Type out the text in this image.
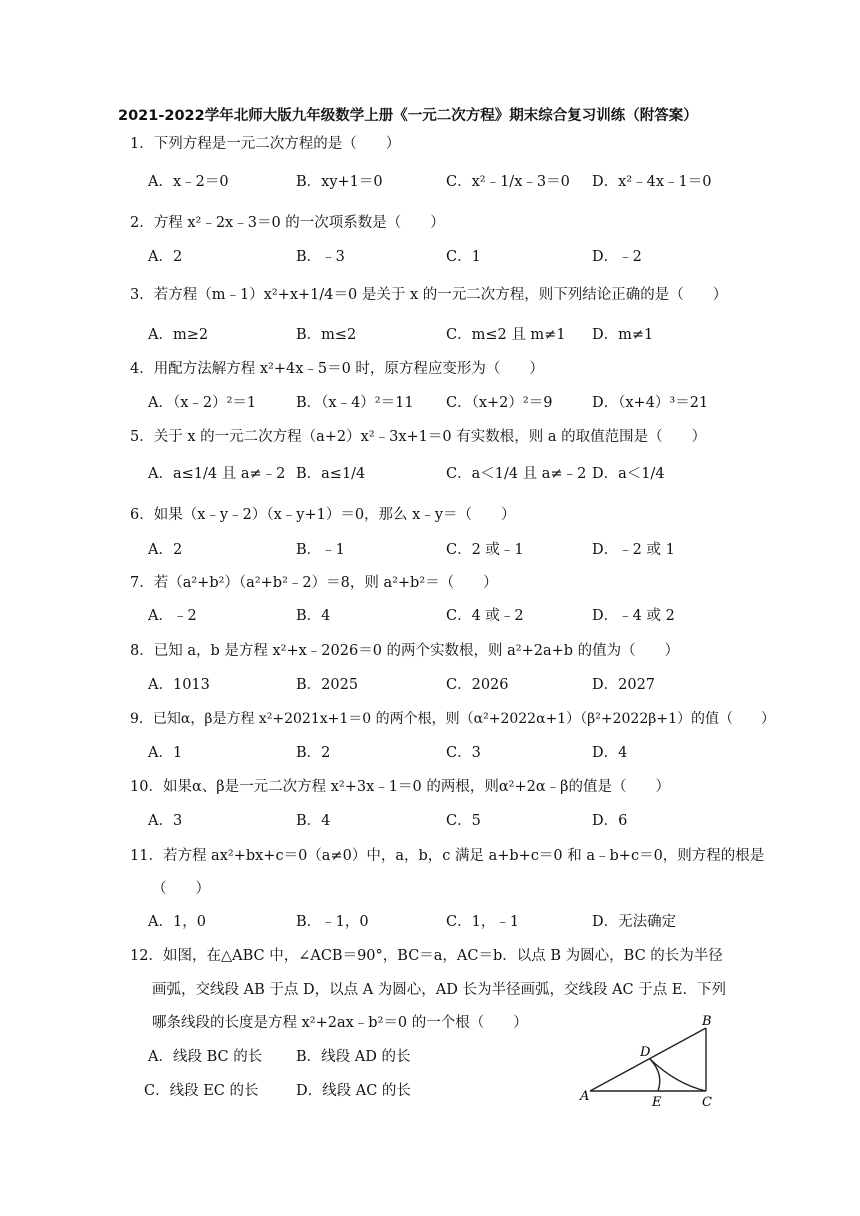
2021-2022学年北师大版九年级数学上册《一元二次方程》期末综合复习训练（附答案）
1．下列方程是一元二次方程的是（　　）
A．x﹣2＝0	B．xy+1＝0	C．x²﹣1/x﹣3＝0 D．x²﹣4x﹣1＝0
2．方程 x²﹣2x﹣3＝0 的一次项系数是（　　）
A．2	B．﹣3	C．1	D．﹣2
3．若方程（m﹣1）x²+x+1/4＝0 是关于 x 的一元二次方程，则下列结论正确的是（　　）
A．m≥2	B．m≤2	C．m≤2 且 m≠1 D．m≠1
4．用配方法解方程 x²+4x﹣5＝0 时，原方程应变形为（　　）
A．（x﹣2）²＝1	B．（x﹣4）²＝11 C．（x+2）²＝9	D．（x+4）³＝21
5．关于 x 的一元二次方程（a+2）x²﹣3x+1＝0 有实数根，则 a 的取值范围是（　　）
A．a≤1/4 且 a≠﹣2 B．a≤1/4	C．a＜1/4 且 a≠﹣2 D．a＜1/4
6．如果（x﹣y﹣2）（x﹣y+1）＝0，那么 x﹣y＝（　　）
A．2	B．﹣1	C．2 或﹣1	D．﹣2 或 1
7．若（a²+b²）（a²+b²﹣2）＝8，则 a²+b²＝（　　）
A．﹣2	B．4	C．4 或﹣2	D．﹣4 或 2
8．已知 a，b 是方程 x²+x﹣2026＝0 的两个实数根，则 a²+2a+b 的值为（　　）
A．1013	B．2025	C．2026	D．2027
9．已知α，β是方程 x²+2021x+1＝0 的两个根，则（α²+2022α+1）（β²+2022β+1）的值（　　）
A．1	B．2	C．3	D．4
10．如果α、β是一元二次方程 x²+3x﹣1＝0 的两根，则α²+2α﹣β的值是（　　）
A．3	B．4	C．5	D．6
11．若方程 ax²+bx+c＝0（a≠0）中，a，b，c 满足 a+b+c＝0 和 a﹣b+c＝0，则方程的根是
（　　）
A．1，0	B．﹣1，0	C．1，﹣1	D．无法确定
12．如图，在△ABC 中，∠ACB＝90°，BC＝a，AC＝b．以点 B 为圆心，BC 的长为半径
画弧，交线段 AB 于点 D，以点 A 为圆心，AD 长为半径画弧，交线段 AC 于点 E．下列
哪条线段的长度是方程 x²+2ax﹣b²＝0 的一个根（　　）
A．线段 BC 的长 B．线段 AD 的长
C．线段 EC 的长	D．线段 AC 的长	A
B
C
D
E
